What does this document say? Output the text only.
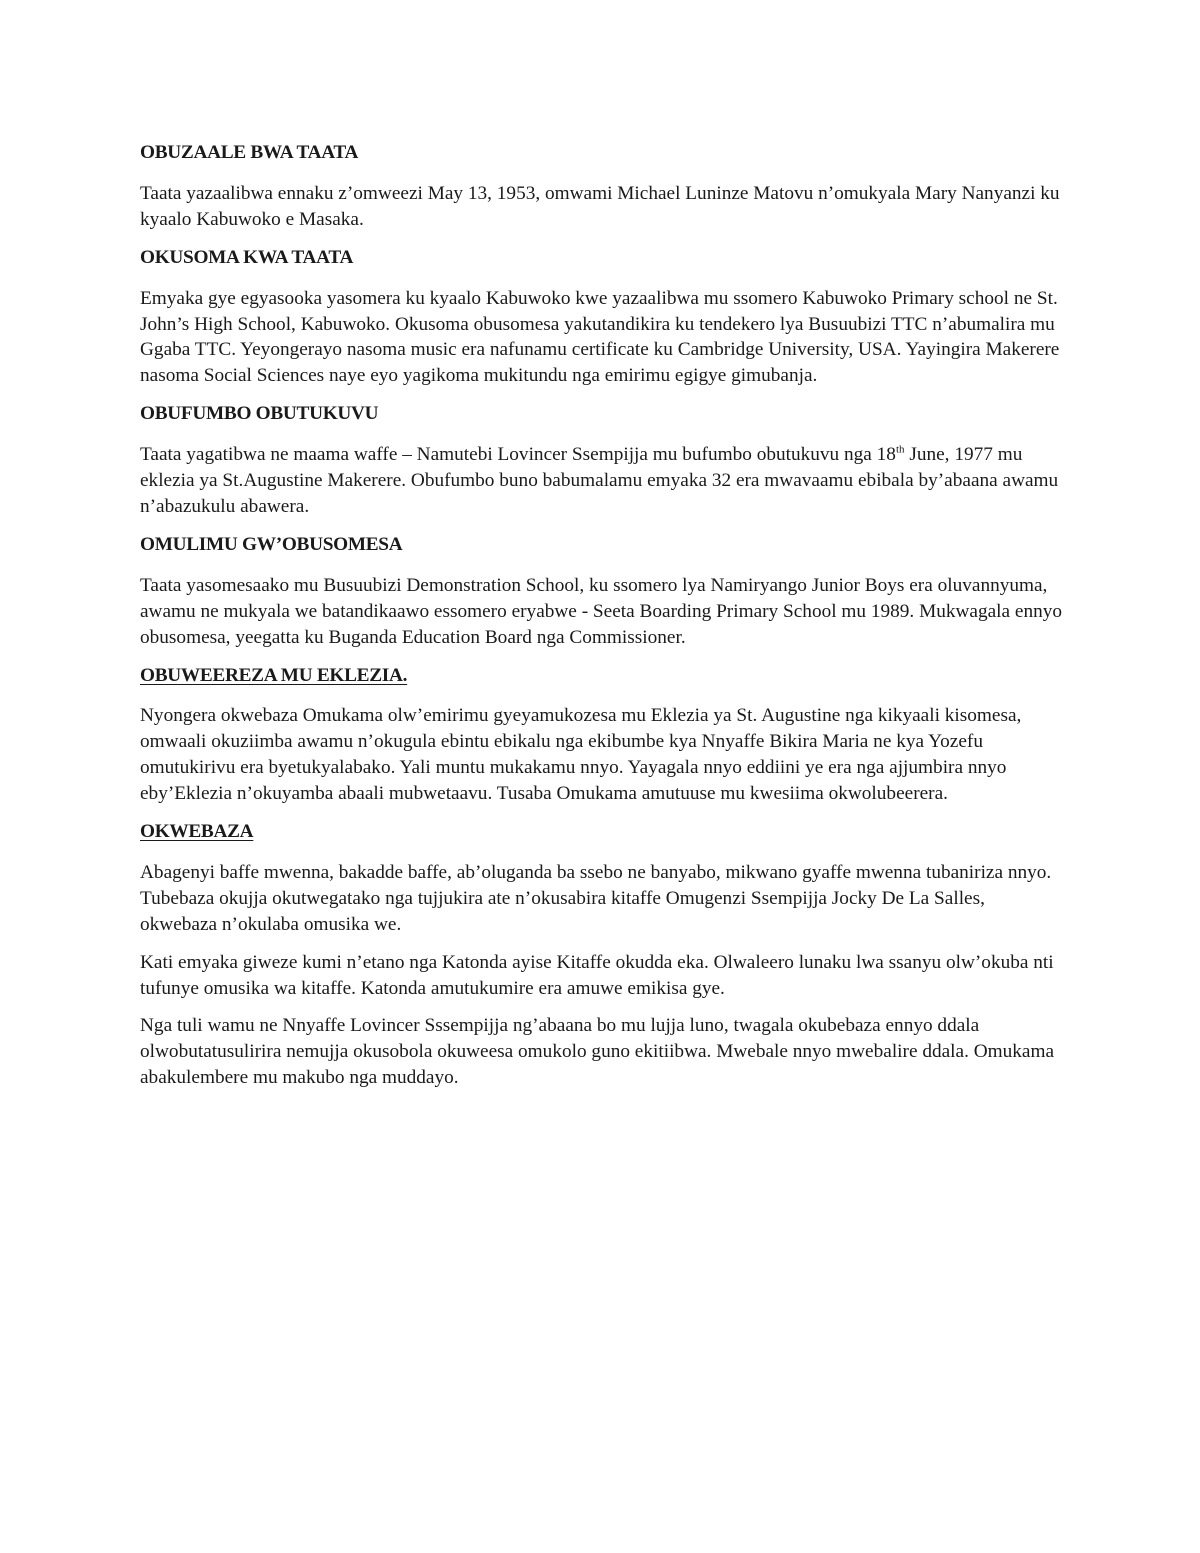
OBUZAALE BWA TAATA

Taata yazaalibwa ennaku z’omweezi May 13, 1953, omwami Michael Luninze Matovu n’omukyala Mary Nanyanzi ku kyaalo Kabuwoko e Masaka.

OKUSOMA KWA TAATA

Emyaka gye egyasooka yasomera ku kyaalo Kabuwoko kwe yazaalibwa mu ssomero Kabuwoko Primary school ne St. John’s High School, Kabuwoko. Okusoma obusomesa yakutandikira ku tendekero lya Busuubizi TTC n’abumalira mu Ggaba TTC. Yeyongerayo nasoma music era nafunamu certificate ku Cambridge University, USA. Yayingira Makerere nasoma Social Sciences naye eyo yagikoma mukitundu nga emirimu egigye gimubanja.

OBUFUMBO OBUTUKUVU

Taata yagatibwa ne maama waffe – Namutebi Lovincer Ssempijja mu bufumbo obutukuvu nga 18th June, 1977 mu eklezia ya St.Augustine Makerere. Obufumbo buno babumalamu emyaka 32 era mwavaamu ebibala by’abaana awamu n’abazukulu abawera.

OMULIMU GW’OBUSOMESA

Taata yasomesaako mu Busuubizi Demonstration School, ku ssomero lya Namiryango Junior Boys era oluvannyuma, awamu ne mukyala we batandikaawo essomero eryabwe - Seeta Boarding Primary School mu 1989. Mukwagala ennyo obusomesa, yeegatta ku Buganda Education Board nga Commissioner.

OBUWEEREZA MU EKLEZIA.

Nyongera okwebaza Omukama olw’emirimu gyeyamukozesa mu Eklezia ya St. Augustine nga kikyaali kisomesa, omwaali okuziimba awamu n’okugula ebintu ebikalu nga ekibumbe kya Nnyaffe Bikira Maria ne kya Yozefu omutukirivu era byetukyalabako. Yali muntu mukakamu nnyo. Yayagala nnyo eddiini ye era nga ajjumbira nnyo eby’Eklezia n’okuyamba abaali mubwetaavu. Tusaba Omukama amutuuse mu kwesiima okwolubeerera.

OKWEBAZA

Abagenyi baffe mwenna, bakadde baffe, ab’oluganda ba ssebo ne banyabo, mikwano gyaffe mwenna tubaniriza nnyo. Tubebaza okujja okutwegatako nga tujjukira ate n’okusabira kitaffe Omugenzi Ssempijja Jocky De La Salles, okwebaza n’okulaba omusika we.

Kati emyaka giweze kumi n’etano nga Katonda ayise Kitaffe okudda eka. Olwaleero lunaku lwa ssanyu olw’okuba nti tufunye omusika wa kitaffe. Katonda amutukumire era amuwe emikisa gye.

Nga tuli wamu ne Nnyaffe Lovincer Sssempijja ng’abaana bo mu lujja luno, twagala okubebaza ennyo ddala olwobutatusulirira nemujja okusobola okuweesa omukolo guno ekitiibwa. Mwebale nnyo mwebalire ddala. Omukama abakulembere mu makubo nga muddayo.
